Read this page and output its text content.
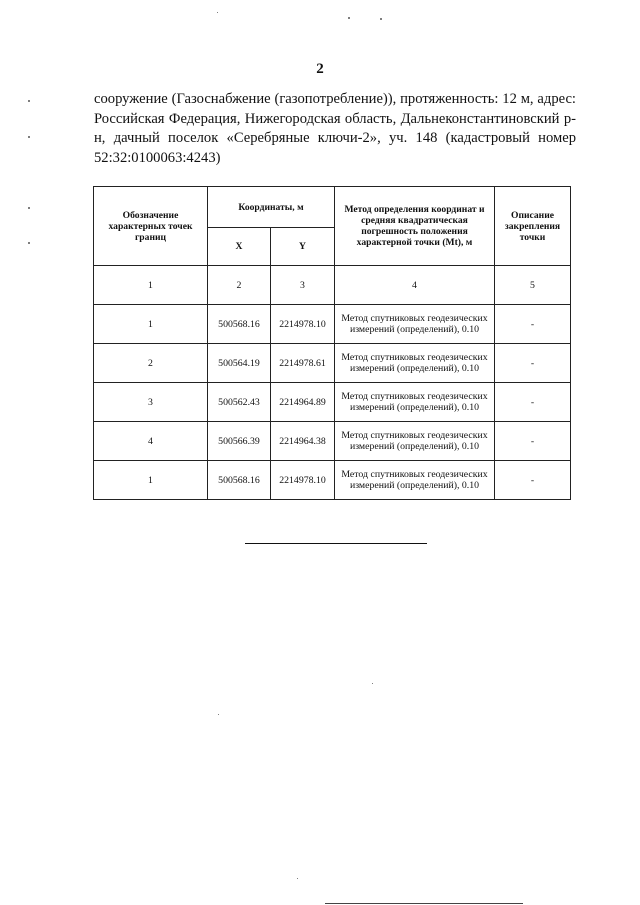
2
сооружение (Газоснабжение (газопотребление)), протяженность: 12 м, адрес: Российская Федерация, Нижегородская область, Дальнеконстантиновский р-н, дачный поселок «Серебряные ключи-2», уч. 148 (кадастровый номер 52:32:0100063:4243)
Обозначение характерных точек границ	Координаты, м		Метод определения координат и средняя квадратическая погрешность положения характерной точки (Mt), м	Описание закрепления точки
	X	Y		
1	2	3	4	5
1	500568.16	2214978.10	Метод спутниковых геодезических измерений (определений), 0.10	-
2	500564.19	2214978.61	Метод спутниковых геодезических измерений (определений), 0.10	-
3	500562.43	2214964.89	Метод спутниковых геодезических измерений (определений), 0.10	-
4	500566.39	2214964.38	Метод спутниковых геодезических измерений (определений), 0.10	-
1	500568.16	2214978.10	Метод спутниковых геодезических измерений (определений), 0.10	-
